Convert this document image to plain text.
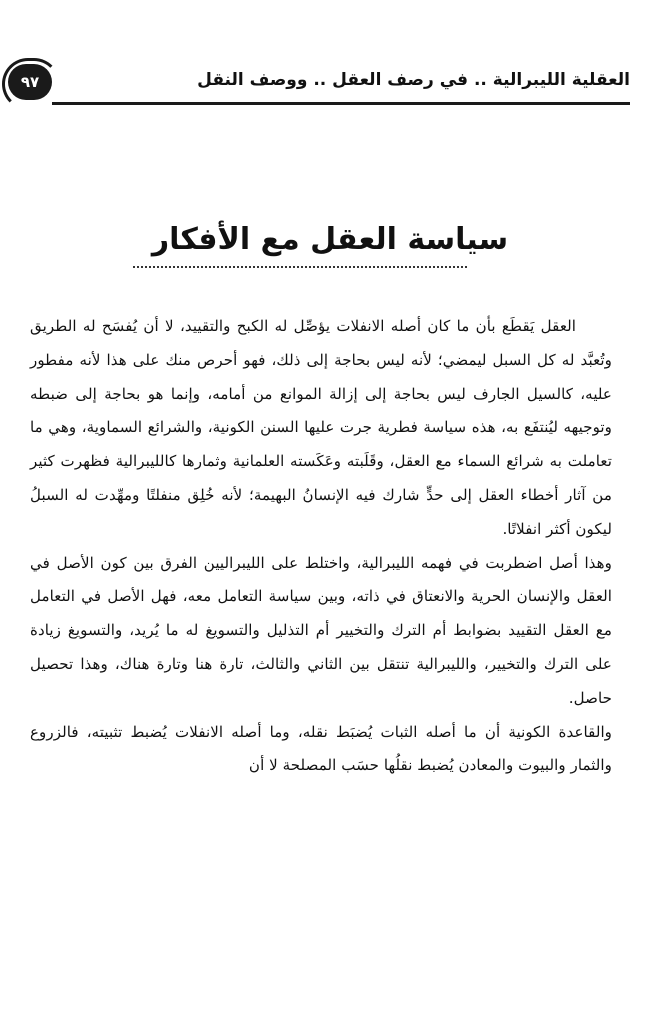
٩٧	العقلية الليبرالية .. في رصف العقل .. ووصف النقل
سياسة العقل مع الأفكار

العقل يَقطَع بأن ما كان أصله الانفلات يؤصِّل له الكبح والتقييد، لا أن يُفسَح له الطريق وتُعبَّد له كل السبل ليمضي؛ لأنه ليس بحاجة إلى ذلك، فهو أحرص منك على هذا لأنه مفطور عليه، كالسيل الجارف ليس بحاجة إلى إزالة الموانع من أمامه، وإنما هو بحاجة إلى ضبطه وتوجيهه ليُنتفَع به، هذه سياسة فطرية جرت عليها السنن الكونية، والشرائع السماوية، وهي ما تعاملت به شرائع السماء مع العقل، وقَلَبته وعَكَسته العلمانية وثمارها كالليبرالية فظهرت كثير من آثار أخطاء العقل إلى حدٍّ شارك فيه الإنسانُ البهيمة؛ لأنه خُلِق منفلتًا ومهِّدت له السبلُ ليكون أكثر انفلاتًا.

وهذا أصل اضطربت في فهمه الليبرالية، واختلط على الليبراليين الفرق بين كون الأصل في العقل والإنسان الحرية والانعتاق في ذاته، وبين سياسة التعامل معه، فهل الأصل في التعامل مع العقل التقييد بضوابط أم الترك والتخيير أم التذليل والتسويغ له ما يُريد، والتسويغ زيادة على الترك والتخيير، والليبرالية تنتقل بين الثاني والثالث، تارة هنا وتارة هناك، وهذا تحصيل حاصل.

والقاعدة الكونية أن ما أصله الثبات يُضبَط نقله، وما أصله الانفلات يُضبط تثبيته، فالزروع والثمار والبيوت والمعادن يُضبط نقلُها حسَب المصلحة لا أن
